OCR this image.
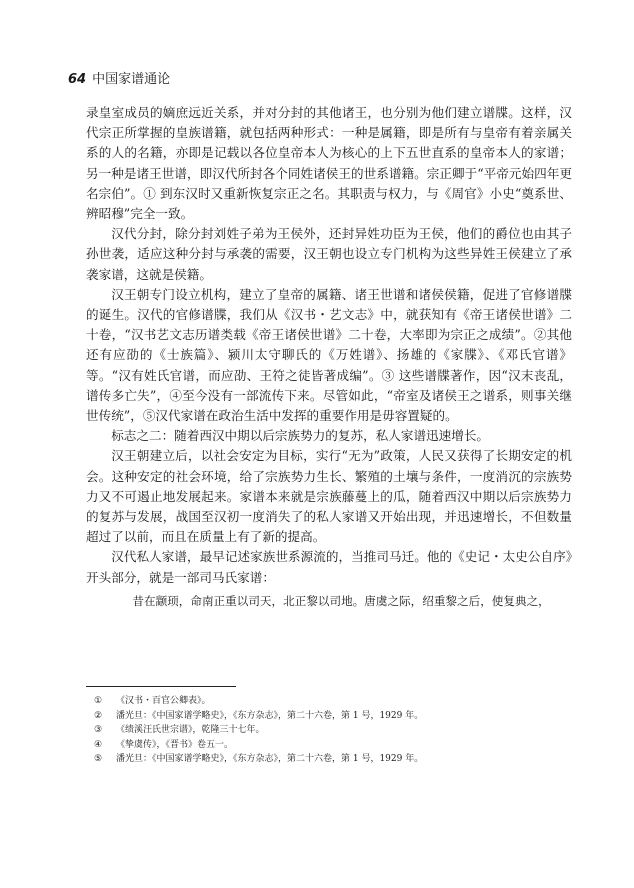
64 中国家谱通论

录皇室成员的嫡庶远近关系，并对分封的其他诸王，也分别为他们建立谱牒。这样，汉代宗正所掌握的皇族谱籍，就包括两种形式：一种是属籍，即是所有与皇帝有着亲属关系的人的名籍，亦即是记载以各位皇帝本人为核心的上下五世直系的皇帝本人的家谱；另一种是诸王世谱，即汉代所封各个同姓诸侯王的世系谱籍。宗正卿于“平帝元始四年更名宗伯”。① 到东汉时又重新恢复宗正之名。其职责与权力，与《周官》小史“奠系世、辨昭穆”完全一致。

汉代分封，除分封刘姓子弟为王侯外，还封异姓功臣为王侯，他们的爵位也由其子孙世袭，适应这种分封与承袭的需要，汉王朝也设立专门机构为这些异姓王侯建立了承袭家谱，这就是侯籍。

汉王朝专门设立机构，建立了皇帝的属籍、诸王世谱和诸侯侯籍，促进了官修谱牒的诞生。汉代的官修谱牒，我们从《汉书・艺文志》中，就获知有《帝王诸侯世谱》二十卷，“汉书艺文志历谱类载《帝王诸侯世谱》二十卷，大率即为宗正之成绩”。②其他还有应劭的《士族篇》、颍川太守聊氏的《万姓谱》、扬雄的《家牒》、《邓氏官谱》等。“汉有姓氏官谱，而应劭、王符之徒皆著成编”。③ 这些谱牒著作，因“汉末丧乱，谱传多亡失”，④至今没有一部流传下来。尽管如此，“帝室及诸侯王之谱系，则事关继世传统”，⑤汉代家谱在政治生活中发挥的重要作用是毋容置疑的。

标志之二：随着西汉中期以后宗族势力的复苏，私人家谱迅速增长。

汉王朝建立后，以社会安定为目标，实行“无为”政策，人民又获得了长期安定的机会。这种安定的社会环境，给了宗族势力生长、繁殖的土壤与条件，一度消沉的宗族势力又不可遏止地发展起来。家谱本来就是宗族藤蔓上的瓜，随着西汉中期以后宗族势力的复苏与发展，战国至汉初一度消失了的私人家谱又开始出现，并迅速增长，不但数量超过了以前，而且在质量上有了新的提高。

汉代私人家谱，最早记述家族世系源流的，当推司马迁。他的《史记・太史公自序》开头部分，就是一部司马氏家谱：

昔在颛顼，命南正重以司天，北正黎以司地。唐虞之际，绍重黎之后，使复典之，

① 《汉书・百官公卿表》。
② 潘光旦：《中国家谱学略史》，《东方杂志》，第二十六卷，第 1 号，1929 年。
③ 《绩溪汪氏世宗谱》，乾隆三十七年。
④ 《挚虞传》，《晋书》卷五一。
⑤ 潘光旦：《中国家谱学略史》，《东方杂志》，第二十六卷，第 1 号，1929 年。
